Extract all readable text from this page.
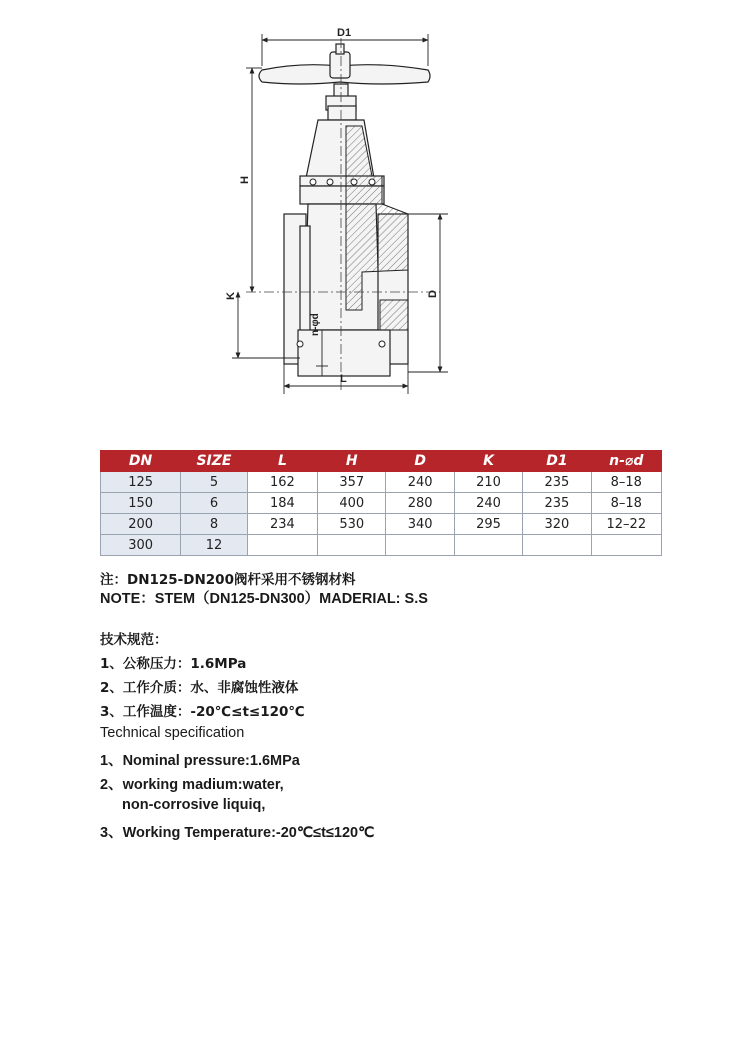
D1
H
K	D
L
n-φd
DN	SIZE	L	H	D	K	D1	n-⌀d
125	5	162	357	240	210	235	8–18
150	6	184	400	280	240	235	8–18
200	8	234	530	340	295	320	12–22
300	12						
注：DN125-DN200阀杆采用不锈钢材料
NOTE：STEM（DN125-DN300）MADERIAL: S.S
技术规范：
1、公称压力：1.6MPa
2、工作介质：水、非腐蚀性液体
3、工作温度：-20℃≤t≤120℃
Technical specification
1、Nominal pressure:1.6MPa
2、working madium:water,
non-corrosive liquiq,
3、Working Temperature:-20℃≤t≤120℃
